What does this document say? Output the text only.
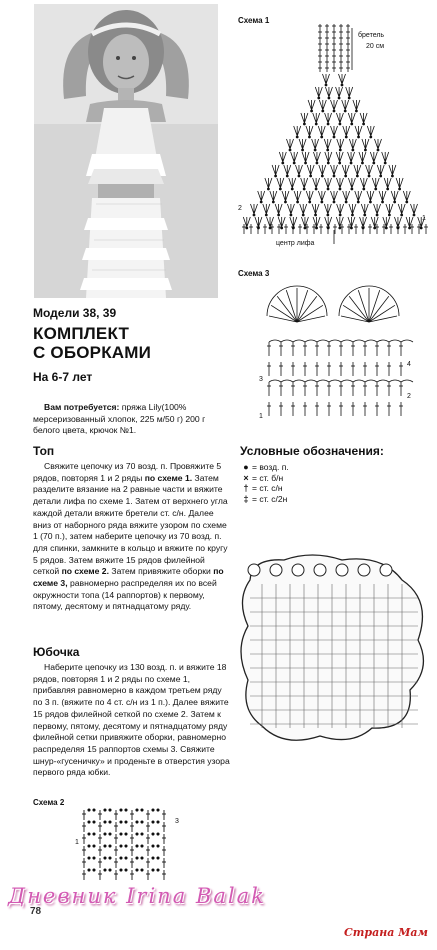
Модели 38, 39
КОМПЛЕКТ
С ОБОРКАМИ
На 6-7 лет
Вам потребуется: пряжа Lily(100% мерсеризованный хлопок, 225 м/50 г) 200 г белого цвета, крючок №1.
Топ
Свяжите цепочку из 70 возд. п. Провяжите 5 рядов, повторяя 1 и 2 ряды по схеме 1. Затем разделите вязание на 2 равные части и вяжите детали лифа по схеме 1. Затем от верхнего угла каждой детали вяжите бретели ст. с/н. Далее вниз от наборного ряда вяжите узором по схеме 1 (70 п.), затем наберите цепочку из 70 возд. п. для спинки, замкните в кольцо и вяжите по кругу 5 рядов. Затем вяжите 15 рядов филейной сеткой по схеме 2. Затем привяжите оборки по схеме 3, равномерно распределяя их по всей окружности топа (14 раппортов) к первому, пятому, десятому и пятнадцатому ряду.
Юбочка
Наберите цепочку из 130 возд. п. и вяжите 18 рядов, повторяя 1 и 2 ряды по схеме 1, прибавляя равномерно в каждом третьем ряду по 3 п. (вяжите по 4 ст. с/н из 1 п.). Далее вяжите 15 рядов филейной сеткой по схеме 2. Затем к первому, пятому, десятому и пятнадцатому ряду филейной сетки привяжите оборки, равномерно распределяя 15 раппортов схемы 3. Свяжите шнур-«гусеничку» и проденьте в отверстия узора первого ряда юбки.
Схема 2
3
1
Схема 1
бретель
20 см
центр лифа
2
1
Схема 3
4
3
2
1
Условные обозначения:
● = возд. п.
× = ст. б/н
† = ст. с/н
‡ = ст. с/2н
78
Дневник Irina Balak
Страна Мам
